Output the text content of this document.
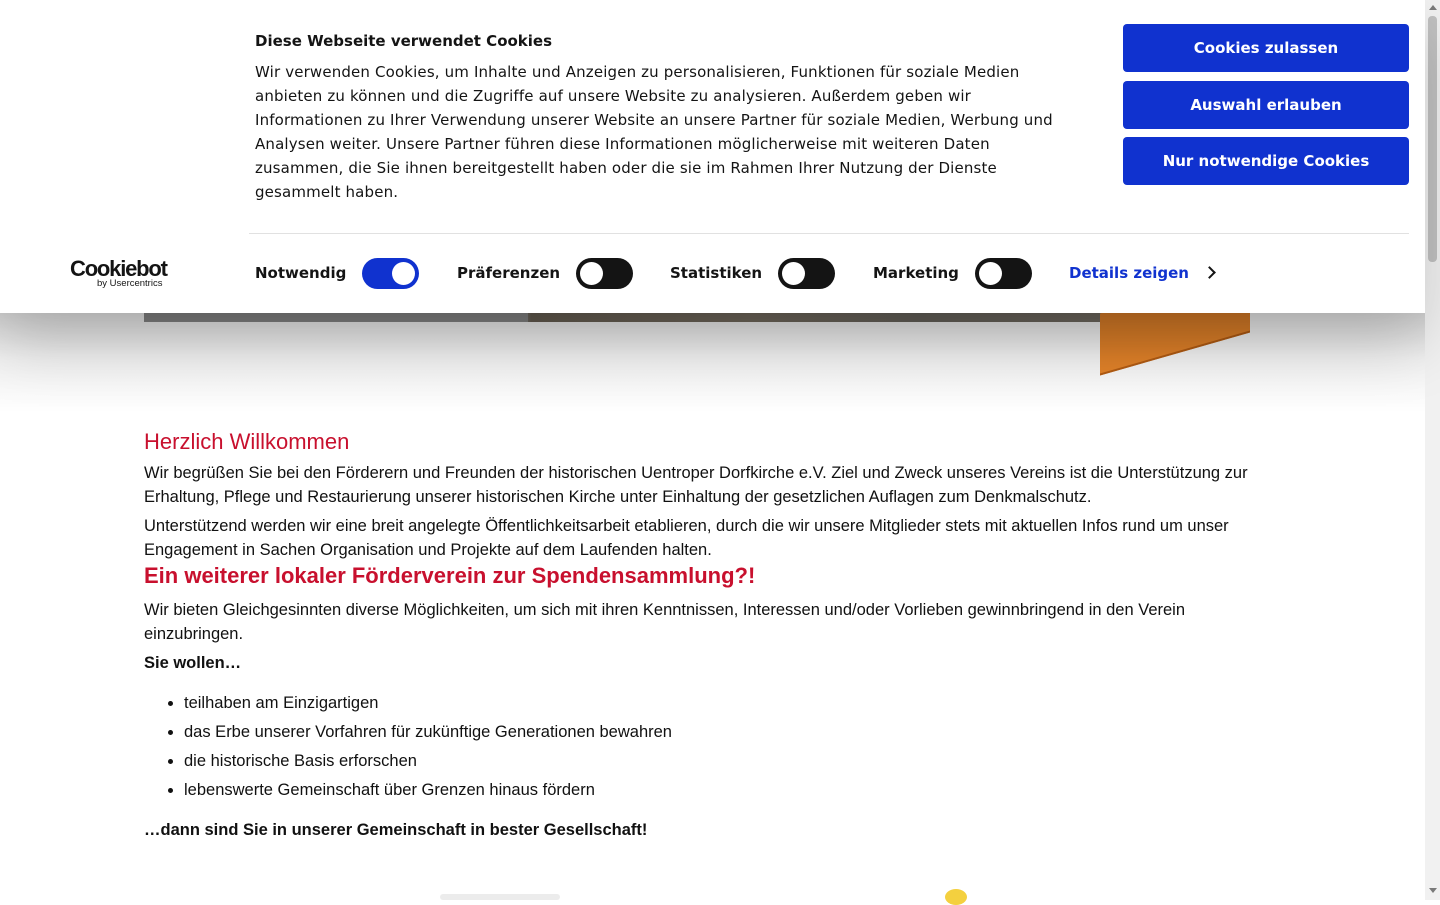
Herzlich Willkommen

Wir begrüßen Sie bei den Förderern und Freunden der historischen Uentroper Dorfkirche e.V. Ziel und Zweck unseres Vereins ist die Unterstützung zur Erhaltung, Pflege und Restaurierung unserer historischen Kirche unter Einhaltung der gesetzlichen Auflagen zum Denkmalschutz.

Unterstützend werden wir eine breit angelegte Öffentlichkeitsarbeit etablieren, durch die wir unsere Mitglieder stets mit aktuellen Infos rund um unser Engagement in Sachen Organisation und Projekte auf dem Laufenden halten.

Ein weiterer lokaler Förderverein zur Spendensammlung?!

Wir bieten Gleichgesinnten diverse Möglichkeiten, um sich mit ihren Kenntnissen, Interessen und/oder Vorlieben gewinnbringend in den Verein einzubringen.

Sie wollen…

• teilhaben am Einzigartigen
• das Erbe unserer Vorfahren für zukünftige Generationen bewahren
• die historische Basis erforschen
• lebenswerte Gemeinschaft über Grenzen hinaus fördern

…dann sind Sie in unserer Gemeinschaft in bester Gesellschaft!

Diese Webseite verwendet Cookies
Wir verwenden Cookies, um Inhalte und Anzeigen zu personalisieren, Funktionen für soziale Medien anbieten zu können und die Zugriffe auf unsere Website zu analysieren. Außerdem geben wir Informationen zu Ihrer Verwendung unserer Website an unsere Partner für soziale Medien, Werbung und Analysen weiter. Unsere Partner führen diese Informationen möglicherweise mit weiteren Daten zusammen, die Sie ihnen bereitgestellt haben oder die sie im Rahmen Ihrer Nutzung der Dienste gesammelt haben.
Cookies zulassen
Auswahl erlauben
Nur notwendige Cookies
Cookiebot
by Usercentrics
Notwendig	Präferenzen	Statistiken	Marketing	Details zeigen
